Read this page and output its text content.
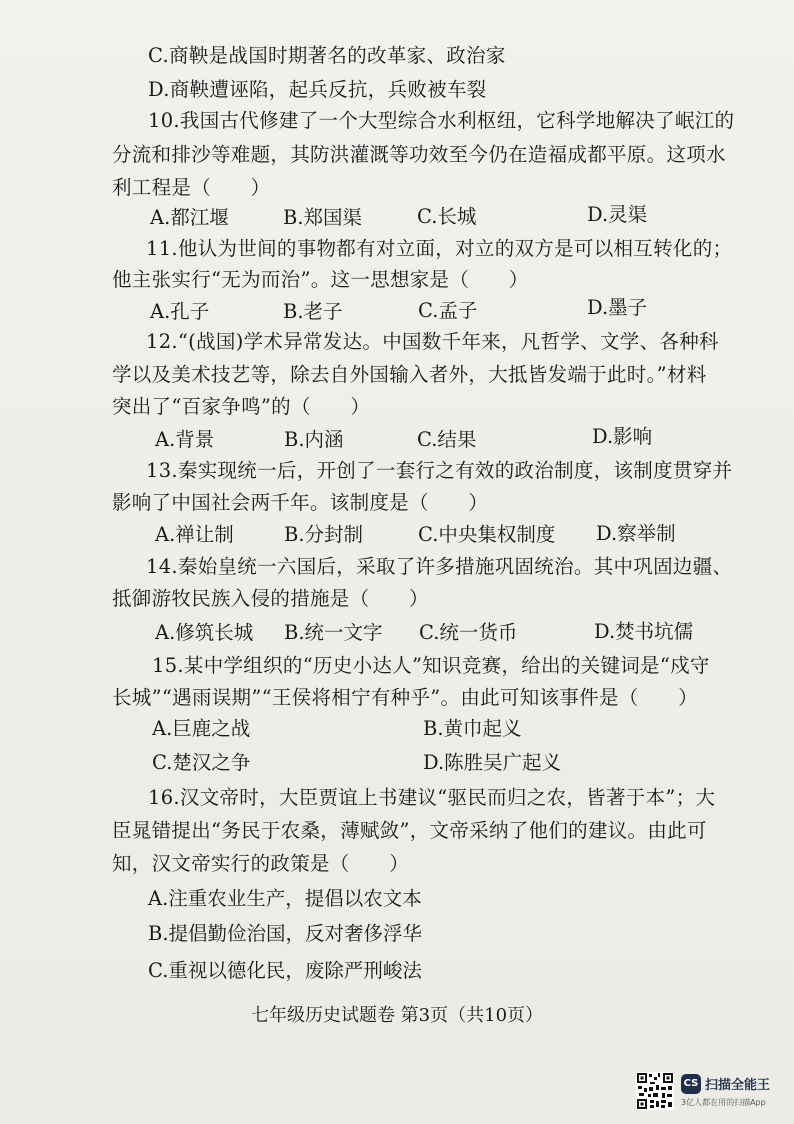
C.商鞅是战国时期著名的改革家、政治家
D.商鞅遭诬陷，起兵反抗，兵败被车裂
10.我国古代修建了一个大型综合水利枢纽，它科学地解决了岷江的
分流和排沙等难题，其防洪灌溉等功效至今仍在造福成都平原。这项水
利工程是（　　）
A.都江堰	B.郑国渠	C.长城	D.灵渠
11.他认为世间的事物都有对立面，对立的双方是可以相互转化的；
他主张实行“无为而治”。这一思想家是（　　）
A.孔子	B.老子	C.孟子	D.墨子
12.“(战国)学术异常发达。中国数千年来，凡哲学、文学、各种科
学以及美术技艺等，除去自外国输入者外，大抵皆发端于此时。”材料
突出了“百家争鸣”的（　　）
A.背景	B.内涵	C.结果	D.影响
13.秦实现统一后，开创了一套行之有效的政治制度，该制度贯穿并
影响了中国社会两千年。该制度是（　　）
A.禅让制	B.分封制	C.中央集权制度 D.察举制
14.秦始皇统一六国后，采取了许多措施巩固统治。其中巩固边疆、
抵御游牧民族入侵的措施是（　　）
A.修筑长城 B.统一文字 C.统一货币	D.焚书坑儒
15.某中学组织的“历史小达人”知识竞赛，给出的关键词是“戍守
长城”“遇雨误期”“王侯将相宁有种乎”。由此可知该事件是（　　）
A.巨鹿之战	B.黄巾起义
C.楚汉之争	D.陈胜吴广起义
16.汉文帝时，大臣贾谊上书建议“驱民而归之农，皆著于本”；大
臣晁错提出“务民于农桑，薄赋敛”，文帝采纳了他们的建议。由此可
知，汉文帝实行的政策是（　　）
A.注重农业生产，提倡以农文本
B.提倡勤俭治国，反对奢侈浮华
C.重视以德化民，废除严刑峻法
七年级历史试题卷 第3页（共10页）
CS 扫描全能王
3亿人都在用的扫描App
